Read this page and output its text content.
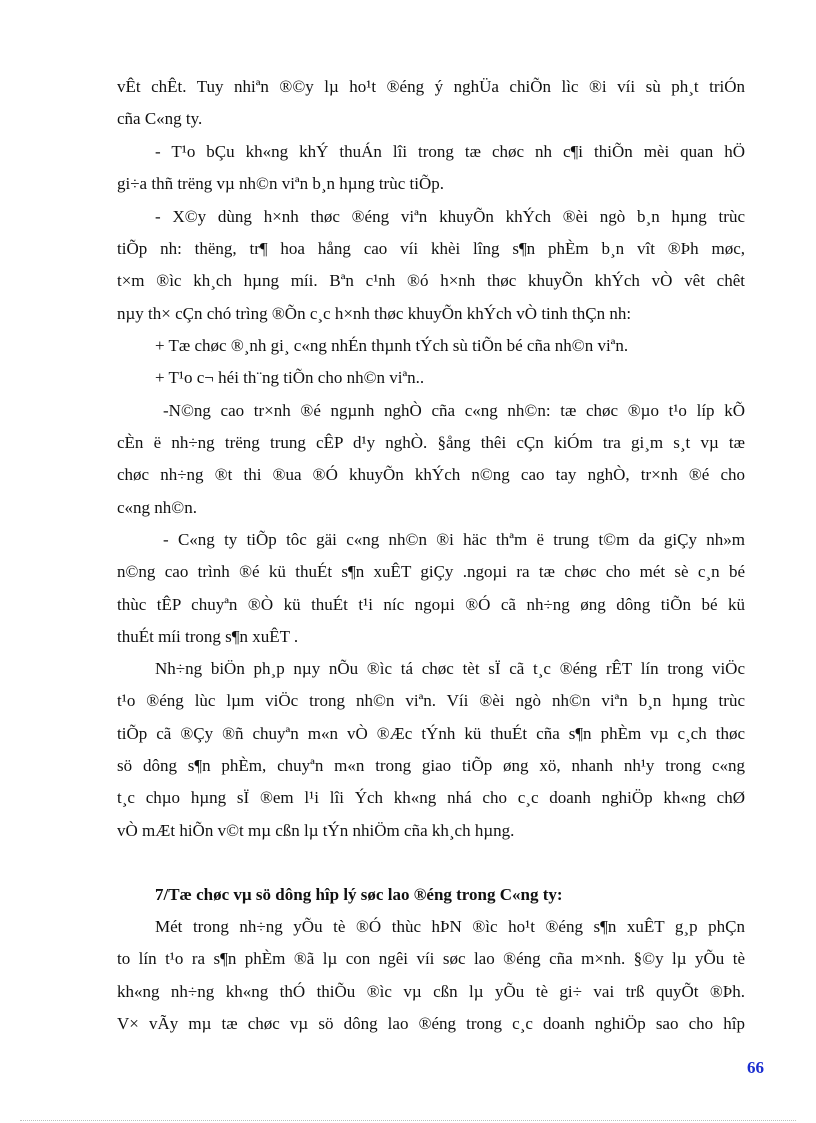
vÊt chÊt. Tuy nhiªn ®©y lµ ho¹t ®éng ý nghÜa chiÕn lìc ®i víi sù ph¸t triÓn
cña C«ng ty.
- T¹o bÇu kh«ng khÝ thuÁn lîi trong tæ chøc nh c¶i thiÕn mèi quan hÖ
gi÷a thñ trëng vµ nh©n viªn b¸n hµng trùc tiÕp.
- X©y dùng h×nh thøc ®éng viªn khuyÕn khÝch ®èi ngò b¸n hµng trùc
tiÕp nh: thëng, tr¶ hoa hång cao víi khèi lîng s¶n phÈm b¸n vît ®Þh møc,
t×m ®ìc kh¸ch hµng míi. Bªn c¹nh ®ó h×nh thøc khuyÕn khÝch vÒ vêt chêt
nµy th× cÇn chó trìng ®Õn c¸c h×nh thøc khuyÕn khÝch vÒ tinh thÇn nh:
+ Tæ chøc ®¸nh gi¸ c«ng nhÉn thµnh tÝch sù tiÕn bé cña nh©n viªn.
+ T¹o c¬ héi th¨ng tiÕn cho nh©n viªn..
-N©ng cao tr×nh ®é ngµnh nghÒ cña c«ng nh©n: tæ chøc ®µo t¹o líp kÕ
cÈn ë nh÷ng trëng trung cÊP d¹y nghÒ. §ång thêi cÇn kiÓm tra gi¸m s¸t vµ tæ
chøc nh÷ng ®t thi ®ua ®Ó khuyÕn khÝch n©ng cao tay nghÒ, tr×nh ®é cho
c«ng nh©n.
- C«ng ty tiÕp tôc gäi c«ng nh©n ®i häc thªm ë trung t©m da giÇy nh»m
n©ng cao trình ®é kü thuÉt s¶n xuÊT giÇy .ngoµi ra tæ chøc cho mét sè c¸n bé
thùc tÊP chuyªn ®Ò kü thuÉt t¹i níc ngoµi ®Ó cã nh÷ng øng dông tiÕn bé kü
thuÉt míi trong s¶n xuÊT .
Nh÷ng biÖn ph¸p nµy nÕu ®ìc tá chøc tèt sÏ cã t¸c ®éng rÊT lín trong viÖc
t¹o ®éng lùc lµm viÖc trong nh©n viªn. Víi ®èi ngò nh©n viªn b¸n hµng trùc
tiÕp cã ®Çy ®ñ chuyªn m«n vÒ ®Æc tÝnh kü thuÉt cña s¶n phÈm vµ c¸ch thøc
sö dông s¶n phÈm, chuyªn m«n trong giao tiÕp øng xö, nhanh nh¹y trong c«ng
t¸c chµo hµng sÏ ®em l¹i lîi Ých kh«ng nhá cho c¸c doanh nghiÖp kh«ng chØ
vÒ mÆt hiÕn v©t mµ cßn lµ tÝn nhiÖm cña kh¸ch hµng.
7/Tæ chøc vµ sö dông hîp lý søc lao ®éng trong C«ng ty:
Mét trong nh÷ng yÕu tè ®Ó thùc hÞN ®ìc ho¹t ®éng s¶n xuÊT g¸p phÇn
to lín t¹o ra s¶n phÈm ®ã lµ con ngêi víi søc lao ®éng cña m×nh. §©y lµ yÕu tè
kh«ng nh÷ng kh«ng thÓ thiÕu ®ìc vµ cßn lµ yÕu tè gi÷ vai trß quyÕt ®Þh.
V× vÃy mµ tæ chøc vµ sö dông lao ®éng trong c¸c doanh nghiÖp sao cho hîp
66
